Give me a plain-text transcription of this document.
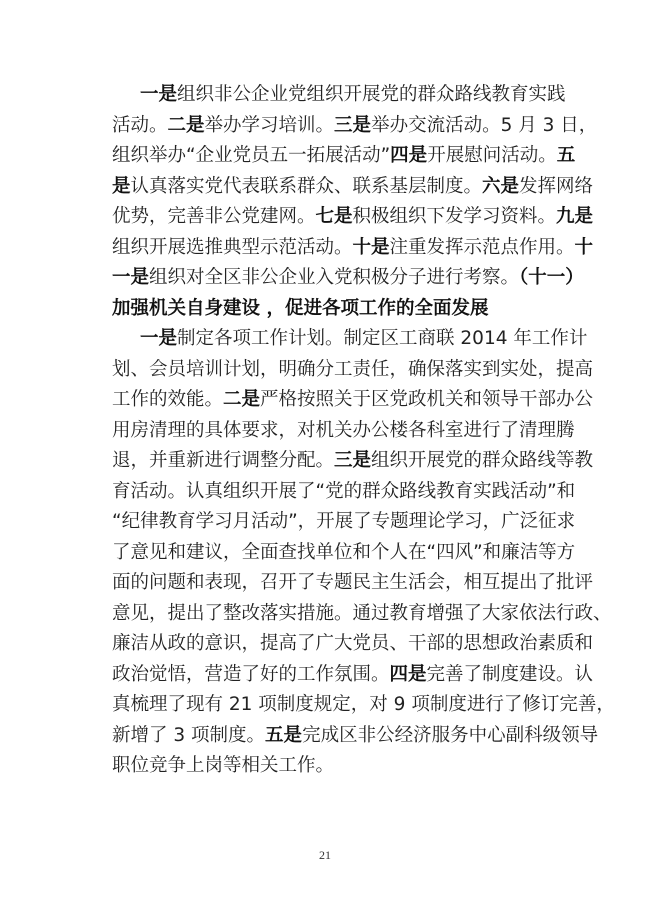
一是组织非公企业党组织开展党的群众路线教育实践
活动。二是举办学习培训。三是举办交流活动。5 月 3 日，
组织举办“企业党员五一拓展活动”四是开展慰问活动。五
是认真落实党代表联系群众、联系基层制度。六是发挥网络
优势，完善非公党建网。七是积极组织下发学习资料。九是
组织开展选推典型示范活动。十是注重发挥示范点作用。十
一是组织对全区非公企业入党积极分子进行考察。（十一）
加强机关自身建设 ，促进各项工作的全面发展
一是制定各项工作计划。制定区工商联 2014 年工作计
划、会员培训计划，明确分工责任，确保落实到实处，提高
工作的效能。二是严格按照关于区党政机关和领导干部办公
用房清理的具体要求，对机关办公楼各科室进行了清理腾
退，并重新进行调整分配。三是组织开展党的群众路线等教
育活动。认真组织开展了“党的群众路线教育实践活动”和
“纪律教育学习月活动”，开展了专题理论学习，广泛征求
了意见和建议，全面查找单位和个人在“四风”和廉洁等方
面的问题和表现，召开了专题民主生活会，相互提出了批评
意见，提出了整改落实措施。通过教育增强了大家依法行政、
廉洁从政的意识，提高了广大党员、干部的思想政治素质和
政治觉悟，营造了好的工作氛围。四是完善了制度建设。认
真梳理了现有 21 项制度规定，对 9 项制度进行了修订完善，
新增了 3 项制度。五是完成区非公经济服务中心副科级领导
职位竞争上岗等相关工作。
21
